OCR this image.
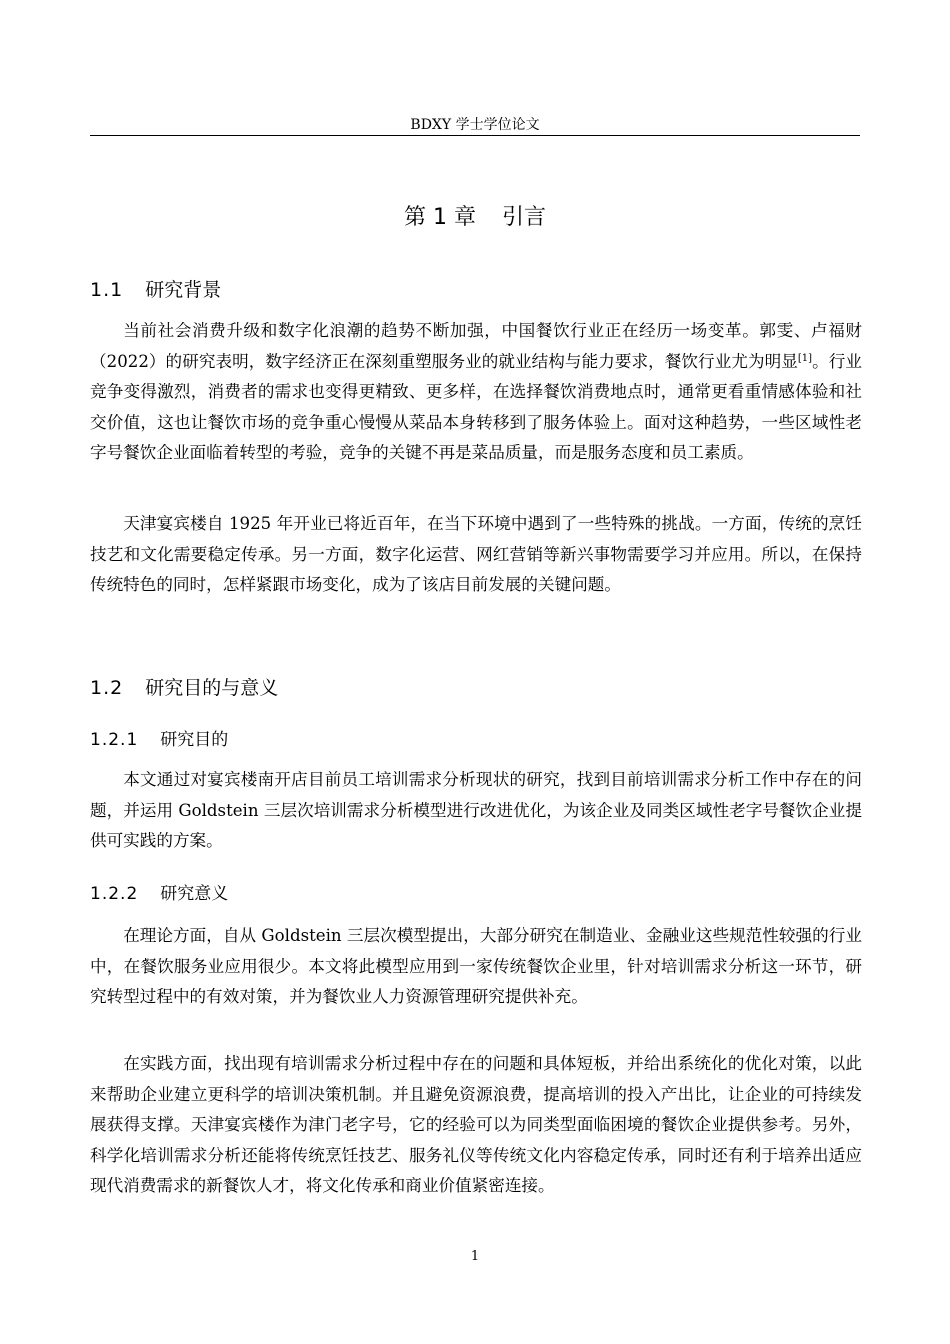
BDXY 学士学位论文
第 1 章 引言
1.1 研究背景

当前社会消费升级和数字化浪潮的趋势不断加强，中国餐饮行业正在经历一场变革。郭雯、卢福财（2022）的研究表明，数字经济正在深刻重塑服务业的就业结构与能力要求，餐饮行业尤为明显[1]。行业竞争变得激烈，消费者的需求也变得更精致、更多样，在选择餐饮消费地点时，通常更看重情感体验和社交价值，这也让餐饮市场的竞争重心慢慢从菜品本身转移到了服务体验上。面对这种趋势，一些区域性老字号餐饮企业面临着转型的考验，竞争的关键不再是菜品质量，而是服务态度和员工素质。

天津宴宾楼自 1925 年开业已将近百年，在当下环境中遇到了一些特殊的挑战。一方面，传统的烹饪技艺和文化需要稳定传承。另一方面，数字化运营、网红营销等新兴事物需要学习并应用。所以，在保持传统特色的同时，怎样紧跟市场变化，成为了该店目前发展的关键问题。

1.2 研究目的与意义
1.2.1 研究目的

本文通过对宴宾楼南开店目前员工培训需求分析现状的研究，找到目前培训需求分析工作中存在的问题，并运用 Goldstein 三层次培训需求分析模型进行改进优化，为该企业及同类区域性老字号餐饮企业提供可实践的方案。

1.2.2 研究意义

在理论方面，自从 Goldstein 三层次模型提出，大部分研究在制造业、金融业这些规范性较强的行业中，在餐饮服务业应用很少。本文将此模型应用到一家传统餐饮企业里，针对培训需求分析这一环节，研究转型过程中的有效对策，并为餐饮业人力资源管理研究提供补充。

在实践方面，找出现有培训需求分析过程中存在的问题和具体短板，并给出系统化的优化对策，以此来帮助企业建立更科学的培训决策机制。并且避免资源浪费，提高培训的投入产出比，让企业的可持续发展获得支撑。天津宴宾楼作为津门老字号，它的经验可以为同类型面临困境的餐饮企业提供参考。另外，科学化培训需求分析还能将传统烹饪技艺、服务礼仪等传统文化内容稳定传承，同时还有利于培养出适应现代消费需求的新餐饮人才，将文化传承和商业价值紧密连接。

1
